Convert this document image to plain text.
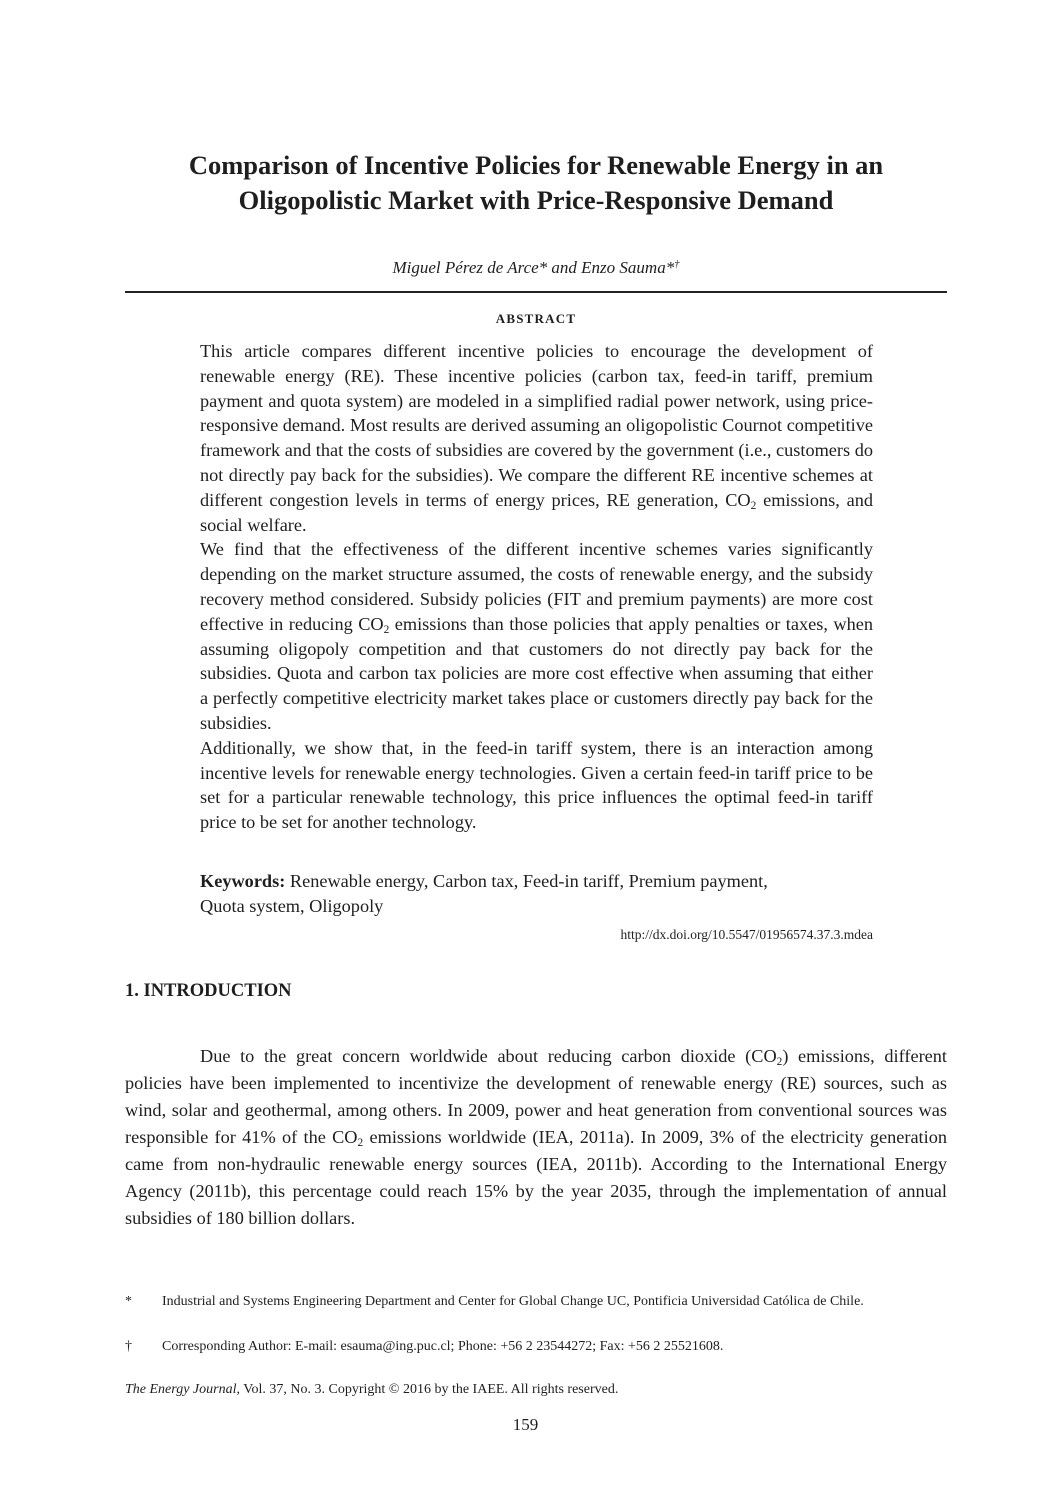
Comparison of Incentive Policies for Renewable Energy in an
Oligopolistic Market with Price-Responsive Demand
Miguel Pérez de Arce* and Enzo Sauma*†
ABSTRACT

This article compares different incentive policies to encourage the development of renewable energy (RE). These incentive policies (carbon tax, feed-in tariff, premium payment and quota system) are modeled in a simplified radial power network, using price-responsive demand. Most results are derived assuming an oligopolistic Cournot competitive framework and that the costs of subsidies are covered by the government (i.e., customers do not directly pay back for the subsidies). We compare the different RE incentive schemes at different congestion levels in terms of energy prices, RE generation, $CO_2$ emissions, and social welfare.

We find that the effectiveness of the different incentive schemes varies significantly depending on the market structure assumed, the costs of renewable energy, and the subsidy recovery method considered. Subsidy policies (FIT and premium payments) are more cost effective in reducing $CO_2$ emissions than those policies that apply penalties or taxes, when assuming oligopoly competition and that customers do not directly pay back for the subsidies. Quota and carbon tax policies are more cost effective when assuming that either a perfectly competitive electricity market takes place or customers directly pay back for the subsidies.

Additionally, we show that, in the feed-in tariff system, there is an interaction among incentive levels for renewable energy technologies. Given a certain feed-in tariff price to be set for a particular renewable technology, this price influences the optimal feed-in tariff price to be set for another technology.

Keywords: Renewable energy, Carbon tax, Feed-in tariff, Premium payment,
Quota system, Oligopoly
http://dx.doi.org/10.5547/01956574.37.3.mdea
1. INTRODUCTION

Due to the great concern worldwide about reducing carbon dioxide $(CO_2)$ emissions, different policies have been implemented to incentivize the development of renewable energy (RE) sources, such as wind, solar and geothermal, among others. In 2009, power and heat generation from conventional sources was responsible for 41% of the $CO_2$ emissions worldwide (IEA, 2011a). In 2009, 3% of the electricity generation came from non-hydraulic renewable energy sources (IEA, 2011b). According to the International Energy Agency (2011b), this percentage could reach 15% by the year 2035, through the implementation of annual subsidies of 180 billion dollars.

* Industrial and Systems Engineering Department and Center for Global Change UC, Pontificia Universidad Católica de Chile.
† Corresponding Author: E-mail: esauma@ing.puc.cl; Phone: +56 2 23544272; Fax: +56 2 25521608.
The Energy Journal, Vol. 37, No. 3. Copyright © 2016 by the IAEE. All rights reserved.
159
